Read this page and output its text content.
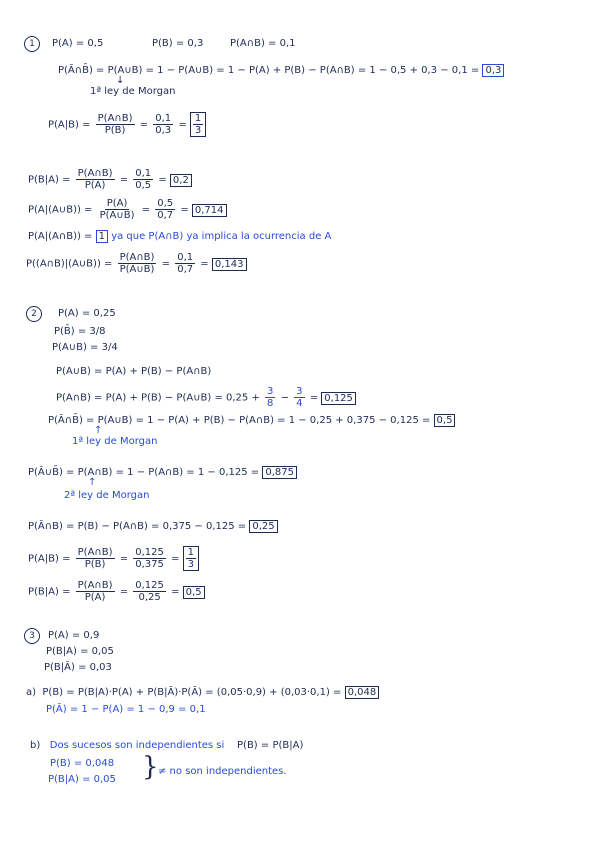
1	P(A) = 0,5	P(B) = 0,3	P(A∩B) = 0,1
P(Ā∩B̄) = P(A∪B) = 1 − P(A∪B) = 1 − P(A) + P(B) − P(A∩B) = 1 − 0,5 + 0,3 − 0,1 = 0,3
↓
1ª ley de Morgan
$P(A|B) = \frac{P(A\cap B)}{P(B)} = \frac{0,1}{0,3} = \frac{1}{3}$
$P(B|A) = \frac{P(A\cap B)}{P(A)} = \frac{0,1}{0,5} = 0,2$
P(A|(A∪B)) = $\frac{P(A)}{P(A\cup B)} = \frac{0,5}{0,7} = 0,714$
P(A|(A∩B)) = 1 ya que P(A∩B) ya implica la ocurrencia de A
P((A∩B)|(A∪B)) = $\frac{P(A\cap B)}{P(A\cup B)} = \frac{0,1}{0,7} = 0,143$
2	P(A) = 0,25
P(B̄) = 3/8
P(A∪B) = 3/4
P(A∪B) = P(A) + P(B) − P(A∩B)
P(A∩B) = P(A) + P(B) − P(A∪B) = $0,25 + \frac{3}{8} - \frac{3}{4} = 0,125$
P(Ā∩B̄) = P(A∪B) = 1 − P(A) + P(B) − P(A∩B) = 1 − 0,25 + 0,375 − 0,125 = 0,5
↑
1ª ley de Morgan
P(Ā∪B̄) = P(A∩B) = 1 − P(A∩B) = 1 − 0,125 = 0,875
↑
2ª ley de Morgan
P(Ā∩B) = P(B) − P(A∩B) = 0,375 − 0,125 = 0,25
$P(A|B) = \frac{P(A\cap B)}{P(B)} = \frac{0,125}{0,375} = \frac{1}{3}$
$P(B|A) = \frac{P(A\cap B)}{P(A)} = \frac{0,125}{0,25} = 0,5$
3	P(A) = 0,9
P(B|A) = 0,05
P(B|Ā) = 0,03
a) P(B) = P(B|A)·P(A) + P(B|Ā)·P(Ā) = (0,05·0,9) + (0,03·0,1) = 0,048
P(Ā) = 1 − P(A) = 1 − 0,9 = 0,1
b) Dos sucesos son independientes si P(B) = P(B|A)
P(B) = 0,048
P(B|A) = 0,05 } ≠ no son independientes.
